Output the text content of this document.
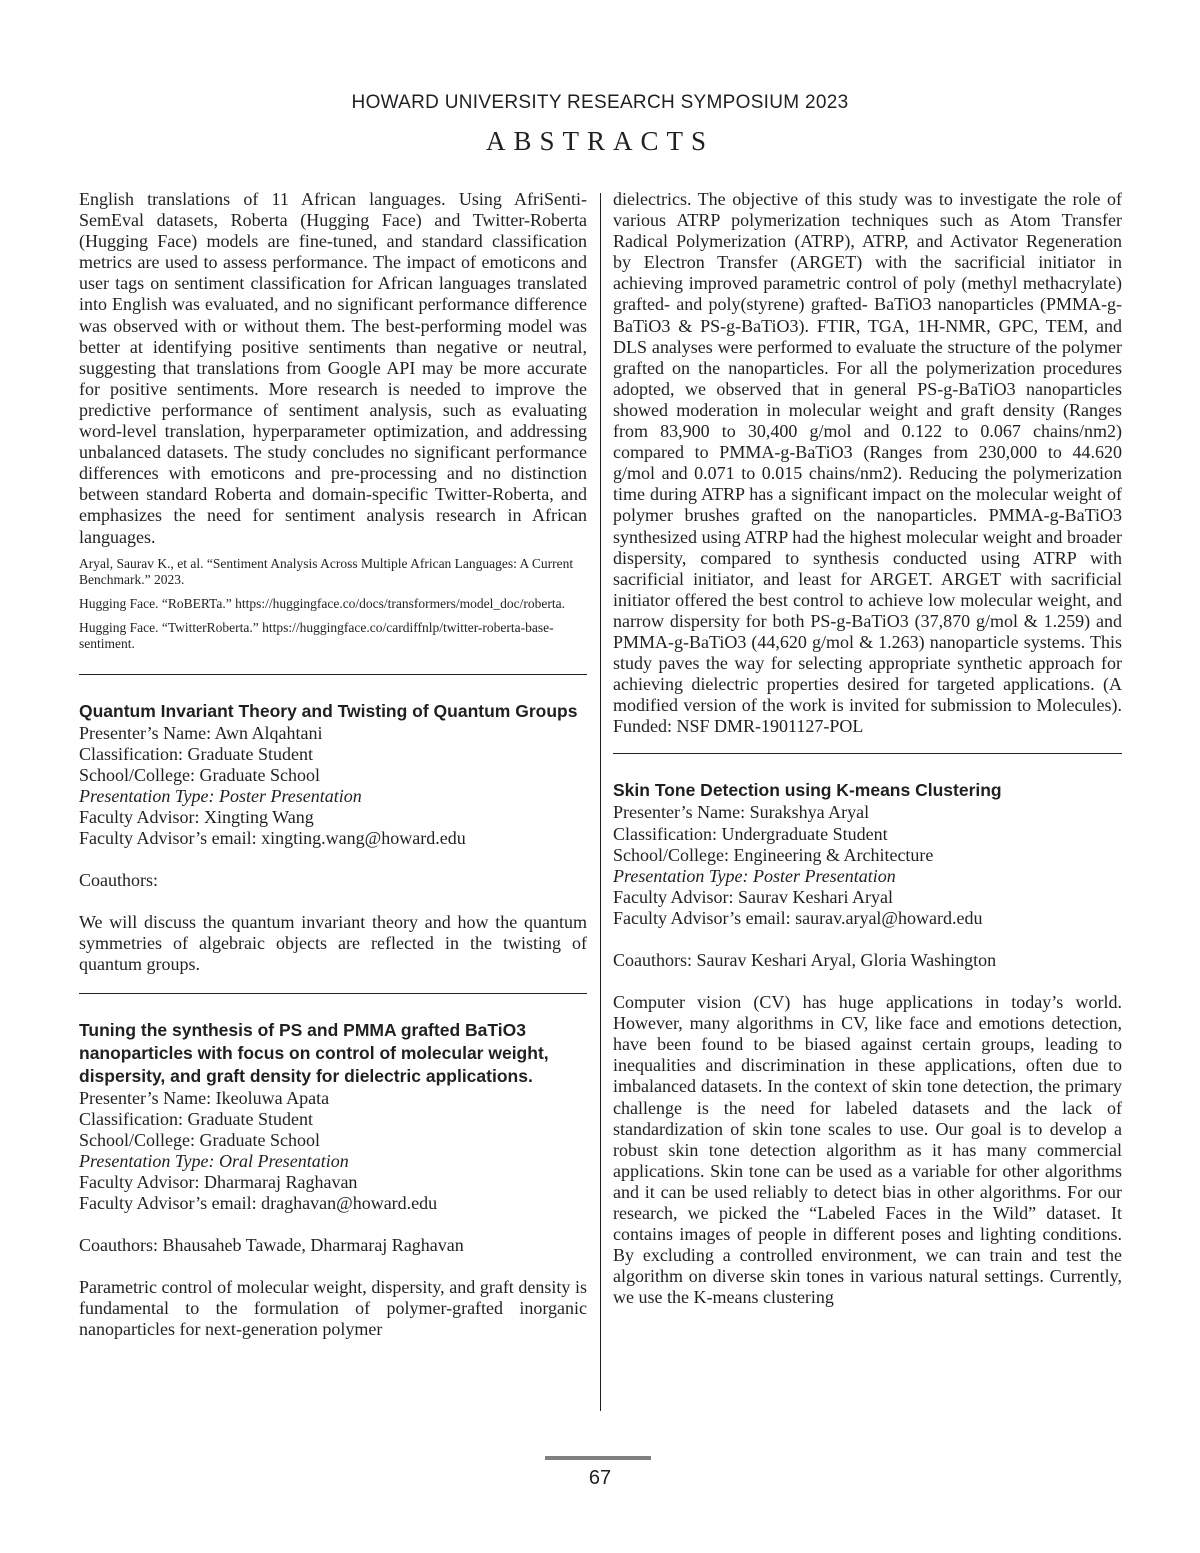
HOWARD UNIVERSITY RESEARCH SYMPOSIUM 2023
ABSTRACTS

English translations of 11 African languages. Using AfriSenti-SemEval datasets, Roberta (Hugging Face) and Twitter-Roberta (Hugging Face) models are fine-tuned, and standard classification metrics are used to assess performance. The impact of emoticons and user tags on sentiment classification for African languages translated into English was evaluated, and no significant performance difference was observed with or without them. The best-performing model was better at identifying positive sentiments than negative or neutral, suggesting that translations from Google API may be more accurate for positive sentiments. More research is needed to improve the predictive performance of sentiment analysis, such as evaluating word-level translation, hyperparameter optimization, and addressing unbalanced datasets. The study concludes no significant performance differences with emoticons and pre-processing and no distinction between standard Roberta and domain-specific Twitter-Roberta, and emphasizes the need for sentiment analysis research in African languages.

Aryal, Saurav K., et al. “Sentiment Analysis Across Multiple African Languages: A Current Benchmark.” 2023.

Hugging Face. “RoBERTa.” https://huggingface.co/docs/transformers/model_doc/roberta.

Hugging Face. “TwitterRoberta.” https://huggingface.co/cardiffnlp/twitter-roberta-base-sentiment.

Quantum Invariant Theory and Twisting of Quantum Groups

Presenter’s Name: Awn Alqahtani

Classification: Graduate Student

School/College: Graduate School

Presentation Type: Poster Presentation

Faculty Advisor: Xingting Wang

Faculty Advisor’s email: xingting.wang@howard.edu

Coauthors:

We will discuss the quantum invariant theory and how the quantum symmetries of algebraic objects are reflected in the twisting of quantum groups.

Tuning the synthesis of PS and PMMA grafted BaTiO3
nanoparticles with focus on control of molecular weight,
dispersity, and graft density for dielectric applications.

Presenter’s Name: Ikeoluwa Apata

Classification: Graduate Student

School/College: Graduate School

Presentation Type: Oral Presentation

Faculty Advisor: Dharmaraj Raghavan

Faculty Advisor’s email: draghavan@howard.edu

Coauthors: Bhausaheb Tawade, Dharmaraj Raghavan

Parametric control of molecular weight, dispersity, and graft density is fundamental to the formulation of polymer-grafted inorganic nanoparticles for next-generation polymer

dielectrics. The objective of this study was to investigate the role of various ATRP polymerization techniques such as Atom Transfer Radical Polymerization (ATRP), ATRP, and Activator Regeneration by Electron Transfer (ARGET) with the sacrificial initiator in achieving improved parametric control of poly (methyl methacrylate) grafted- and poly(styrene) grafted- BaTiO3 nanoparticles (PMMA-g-BaTiO3 & PS-g-BaTiO3). FTIR, TGA, 1H-NMR, GPC, TEM, and DLS analyses were performed to evaluate the structure of the polymer grafted on the nanoparticles. For all the polymerization procedures adopted, we observed that in general PS-g-BaTiO3 nanoparticles showed moderation in molecular weight and graft density (Ranges from 83,900 to 30,400 g/mol and 0.122 to 0.067 chains/nm2) compared to PMMA-g-BaTiO3 (Ranges from 230,000 to 44.620 g/mol and 0.071 to 0.015 chains/nm2). Reducing the polymerization time during ATRP has a significant impact on the molecular weight of polymer brushes grafted on the nanoparticles. PMMA-g-BaTiO3 synthesized using ATRP had the highest molecular weight and broader dispersity, compared to synthesis conducted using ATRP with sacrificial initiator, and least for ARGET. ARGET with sacrificial initiator offered the best control to achieve low molecular weight, and narrow dispersity for both PS-g-BaTiO3 (37,870 g/mol & 1.259) and PMMA-g-BaTiO3 (44,620 g/mol & 1.263) nanoparticle systems. This study paves the way for selecting appropriate synthetic approach for achieving dielectric properties desired for targeted applications. (A modified version of the work is invited for submission to Molecules). Funded: NSF DMR-1901127-POL

Skin Tone Detection using K-means Clustering

Presenter’s Name: Surakshya Aryal

Classification: Undergraduate Student

School/College: Engineering & Architecture

Presentation Type: Poster Presentation

Faculty Advisor: Saurav Keshari Aryal

Faculty Advisor’s email: saurav.aryal@howard.edu

Coauthors: Saurav Keshari Aryal, Gloria Washington

Computer vision (CV) has huge applications in today’s world. However, many algorithms in CV, like face and emotions detection, have been found to be biased against certain groups, leading to inequalities and discrimination in these applications, often due to imbalanced datasets. In the context of skin tone detection, the primary challenge is the need for labeled datasets and the lack of standardization of skin tone scales to use. Our goal is to develop a robust skin tone detection algorithm as it has many commercial applications. Skin tone can be used as a variable for other algorithms and it can be used reliably to detect bias in other algorithms. For our research, we picked the “Labeled Faces in the Wild” dataset. It contains images of people in different poses and lighting conditions. By excluding a controlled environment, we can train and test the algorithm on diverse skin tones in various natural settings. Currently, we use the K-means clustering

67
